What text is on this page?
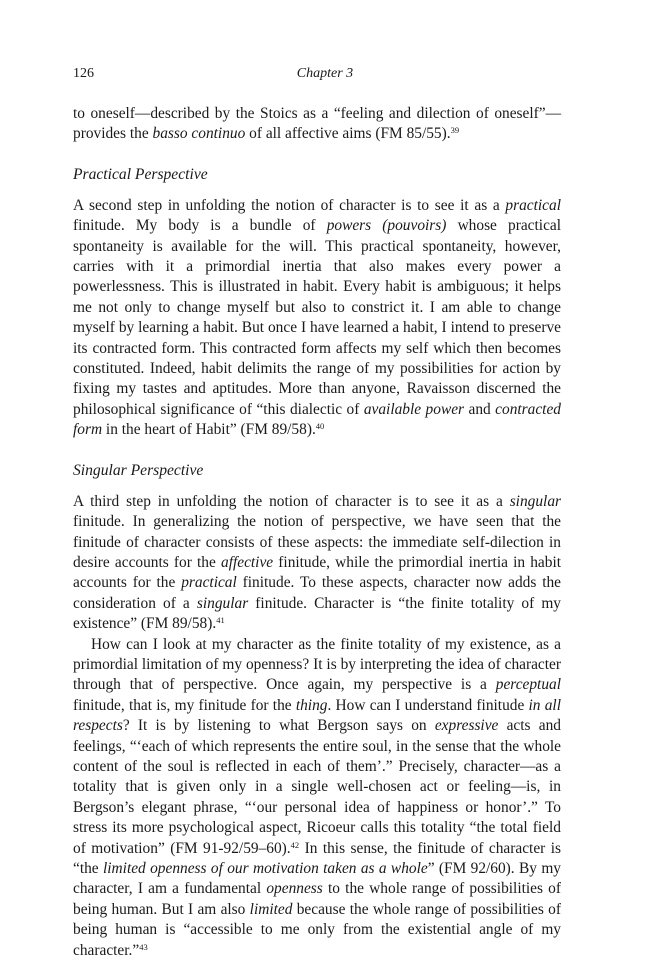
126	Chapter 3

to oneself—described by the Stoics as a “feeling and dilection of oneself”—provides the basso continuo of all affective aims (FM 85/55).$^{39}$

Practical Perspective

A second step in unfolding the notion of character is to see it as a practical finitude. My body is a bundle of powers (pouvoirs) whose practical spontaneity is available for the will. This practical spontaneity, however, carries with it a primordial inertia that also makes every power a powerlessness. This is illustrated in habit. Every habit is ambiguous; it helps me not only to change myself but also to constrict it. I am able to change myself by learning a habit. But once I have learned a habit, I intend to preserve its contracted form. This contracted form affects my self which then becomes constituted. Indeed, habit delimits the range of my possibilities for action by fixing my tastes and aptitudes. More than anyone, Ravaisson discerned the philosophical significance of “this dialectic of available power and contracted form in the heart of Habit” (FM 89/58).$^{40}$

Singular Perspective

A third step in unfolding the notion of character is to see it as a singular finitude. In generalizing the notion of perspective, we have seen that the finitude of character consists of these aspects: the immediate self-dilection in desire accounts for the affective finitude, while the primordial inertia in habit accounts for the practical finitude. To these aspects, character now adds the consideration of a singular finitude. Character is “the finite totality of my existence” (FM 89/58).$^{41}$

How can I look at my character as the finite totality of my existence, as a primordial limitation of my openness? It is by interpreting the idea of character through that of perspective. Once again, my perspective is a perceptual finitude, that is, my finitude for the thing. How can I understand finitude in all respects? It is by listening to what Bergson says on expressive acts and feelings, “‘each of which represents the entire soul, in the sense that the whole content of the soul is reflected in each of them’.” Precisely, character—as a totality that is given only in a single well-chosen act or feeling—is, in Bergson’s elegant phrase, “‘our personal idea of happiness or honor’.” To stress its more psychological aspect, Ricoeur calls this totality “the total field of motivation” (FM 91-92/59–60).$^{42}$ In this sense, the finitude of character is “the limited openness of our motivation taken as a whole” (FM 92/60). By my character, I am a fundamental openness to the whole range of possibilities of being human. But I am also limited because the whole range of possibilities of being human is “accessible to me only from the existential angle of my character.”$^{43}$
